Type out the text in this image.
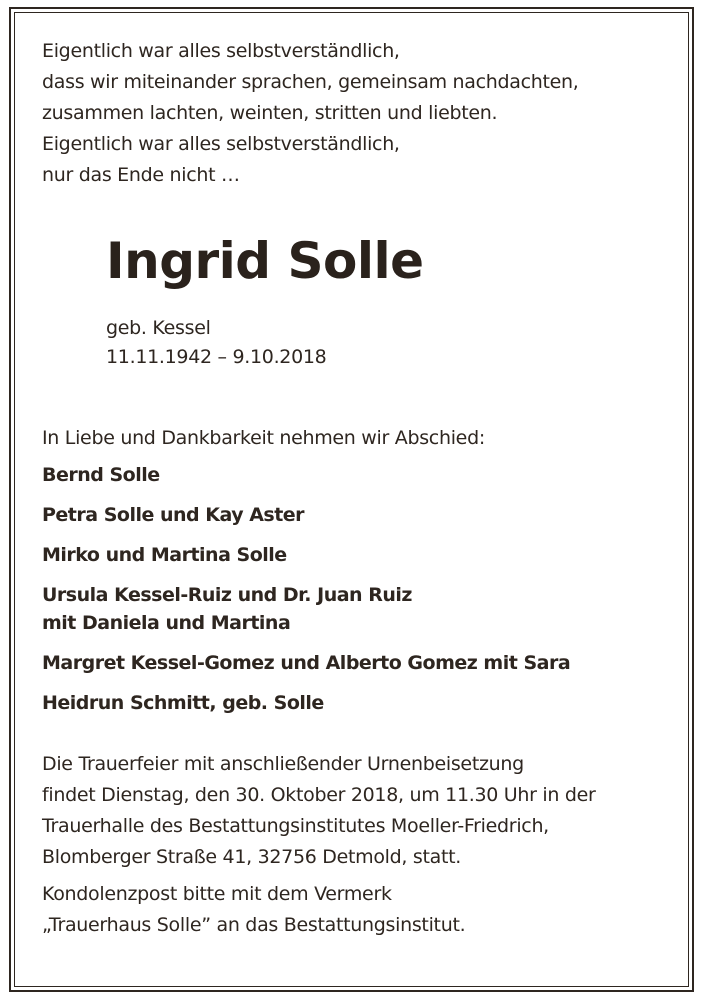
Eigentlich war alles selbstverständlich,
dass wir miteinander sprachen, gemeinsam nachdachten,
zusammen lachten, weinten, stritten und liebten.
Eigentlich war alles selbstverständlich,
nur das Ende nicht …
Ingrid Solle
geb. Kessel
11.11.1942 – 9.10.2018
In Liebe und Dankbarkeit nehmen wir Abschied:
Bernd Solle
Petra Solle und Kay Aster
Mirko und Martina Solle
Ursula Kessel-Ruiz und Dr. Juan Ruiz
mit Daniela und Martina
Margret Kessel-Gomez und Alberto Gomez mit Sara
Heidrun Schmitt, geb. Solle
Die Trauerfeier mit anschließender Urnenbeisetzung
findet Dienstag, den 30. Oktober 2018, um 11.30 Uhr in der
Trauerhalle des Bestattungsinstitutes Moeller-Friedrich,
Blomberger Straße 41, 32756 Detmold, statt.
Kondolenzpost bitte mit dem Vermerk
„Trauerhaus Solle” an das Bestattungsinstitut.
